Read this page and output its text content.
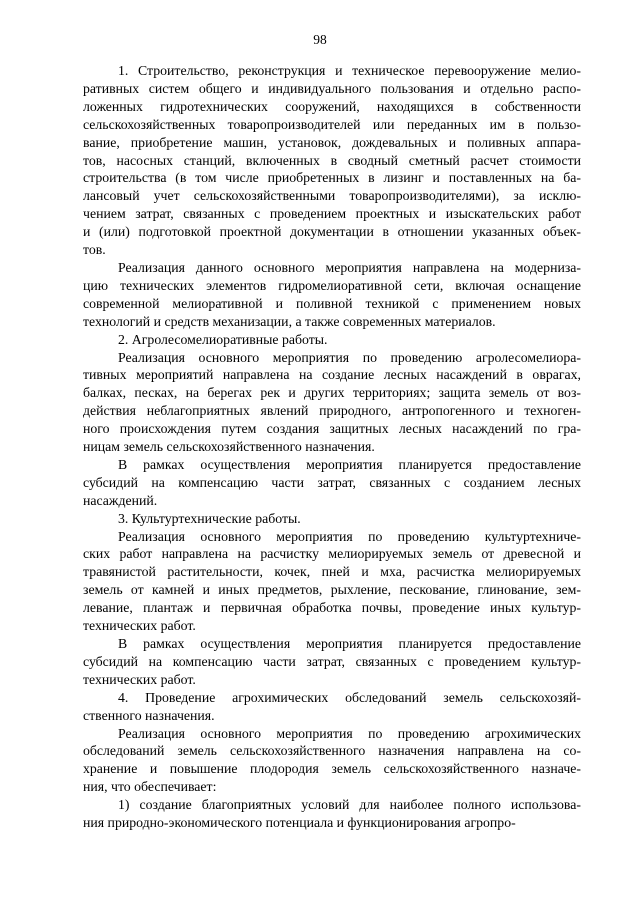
98
1. Строительство, реконструкция и техническое перевооружение мелио-
ративных систем общего и индивидуального пользования и отдельно распо-
ложенных гидротехнических сооружений, находящихся в собственности
сельскохозяйственных товаропроизводителей или переданных им в пользо-
вание, приобретение машин, установок, дождевальных и поливных аппара-
тов, насосных станций, включенных в сводный сметный расчет стоимости
строительства (в том числе приобретенных в лизинг и поставленных на ба-
лансовый учет сельскохозяйственными товаропроизводителями), за исклю-
чением затрат, связанных с проведением проектных и изыскательских работ
и (или) подготовкой проектной документации в отношении указанных объек-
тов.
Реализация данного основного мероприятия направлена на модерниза-
цию технических элементов гидромелиоративной сети, включая оснащение
современной мелиоративной и поливной техникой с применением новых
технологий и средств механизации, а также современных материалов.
2. Агролесомелиоративные работы.
Реализация основного мероприятия по проведению агролесомелиора-
тивных мероприятий направлена на создание лесных насаждений в оврагах,
балках, песках, на берегах рек и других территориях; защита земель от воз-
действия неблагоприятных явлений природного, антропогенного и техноген-
ного происхождения путем создания защитных лесных насаждений по гра-
ницам земель сельскохозяйственного назначения.
В рамках осуществления мероприятия планируется предоставление
субсидий на компенсацию части затрат, связанных с созданием лесных
насаждений.
3. Культуртехнические работы.
Реализация основного мероприятия по проведению культуртехниче-
ских работ направлена на расчистку мелиорируемых земель от древесной и
травянистой растительности, кочек, пней и мха, расчистка мелиорируемых
земель от камней и иных предметов, рыхление, пескование, глинование, зем-
левание, плантаж и первичная обработка почвы, проведение иных культур-
технических работ.
В рамках осуществления мероприятия планируется предоставление
субсидий на компенсацию части затрат, связанных с проведением культур-
технических работ.
4. Проведение агрохимических обследований земель сельскохозяй-
ственного назначения.
Реализация основного мероприятия по проведению агрохимических
обследований земель сельскохозяйственного назначения направлена на со-
хранение и повышение плодородия земель сельскохозяйственного назначе-
ния, что обеспечивает:
1) создание благоприятных условий для наиболее полного использова-
ния природно-экономического потенциала и функционирования агропро-
